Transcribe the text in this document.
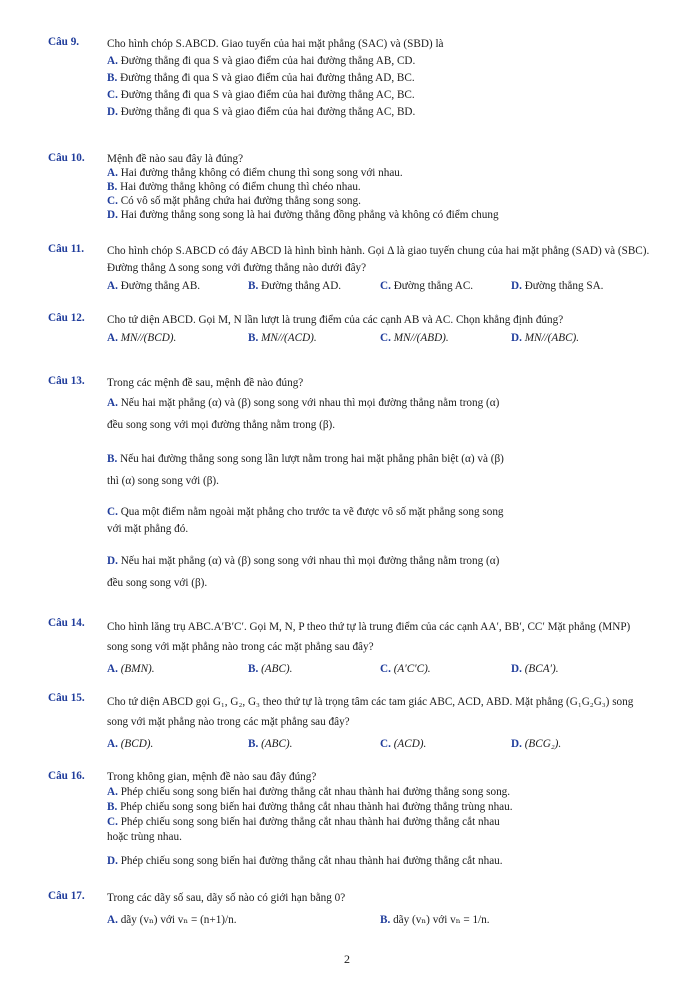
Câu 9. Cho hình chóp S.ABCD. Giao tuyến của hai mặt phẳng (SAC) và (SBD) là
A. Đường thẳng đi qua S và giao điểm của hai đường thẳng AB, CD.
B. Đường thẳng đi qua S và giao điểm của hai đường thẳng AD, BC.
C. Đường thẳng đi qua S và giao điểm của hai đường thẳng AC, BC.
D. Đường thẳng đi qua S và giao điểm của hai đường thẳng AC, BD.
Câu 10. Mệnh đề nào sau đây là đúng?
A. Hai đường thẳng không có điểm chung thì song song với nhau.
B. Hai đường thẳng không có điểm chung thì chéo nhau.
C. Có vô số mặt phẳng chứa hai đường thẳng song song.
D. Hai đường thẳng song song là hai đường thẳng đồng phẳng và không có điểm chung
Câu 11. Cho hình chóp S.ABCD có đáy ABCD là hình bình hành. Gọi Δ là giao tuyến chung của hai mặt phẳng (SAD) và (SBC). Đường thẳng Δ song song với đường thẳng nào dưới đây?
A. Đường thẳng AB.	B. Đường thẳng AD.	C. Đường thẳng AC.	D. Đường thẳng SA.
Câu 12. Cho tứ diện ABCD. Gọi M, N lần lượt là trung điểm của các cạnh AB và AC. Chọn khẳng định đúng?
A. MN//(BCD).	B. MN//(ACD).	C. MN//(ABD).	D. MN//(ABC).
Câu 13. Trong các mệnh đề sau, mệnh đề nào đúng?
A. Nếu hai mặt phẳng (α) và (β) song song với nhau thì mọi đường thẳng nằm trong (α)
đều song song với mọi đường thẳng nằm trong (β).
B. Nếu hai đường thẳng song song lần lượt nằm trong hai mặt phẳng phân biệt (α) và (β)
thì (α) song song với (β).
C. Qua một điểm nằm ngoài mặt phẳng cho trước ta vẽ được vô số mặt phẳng song song
với mặt phẳng đó.
D. Nếu hai mặt phẳng (α) và (β) song song với nhau thì mọi đường thẳng nằm trong (α)
đều song song với (β).
Câu 14. Cho hình lăng trụ ABC.A′B′C′. Gọi M, N, P theo thứ tự là trung điểm của các cạnh AA′, BB′, CC′ Mặt phẳng (MNP) song song với mặt phẳng nào trong các mặt phẳng sau đây?
A. (BMN).	B. (ABC).	C. (A′C′C).	D. (BCA′).
Câu 15. Cho tứ diện ABCD gọi G₁, G₂, G₃ theo thứ tự là trọng tâm các tam giác ABC, ACD, ABD. Mặt phẳng (G₁G₂G₃) song song với mặt phẳng nào trong các mặt phẳng sau đây?
A. (BCD).	B. (ABC).	C. (ACD).	D. (BCG₂).
Câu 16. Trong không gian, mệnh đề nào sau đây đúng?
A. Phép chiếu song song biến hai đường thẳng cắt nhau thành hai đường thẳng song song.
B. Phép chiếu song song biến hai đường thẳng cắt nhau thành hai đường thẳng trùng nhau.
C. Phép chiếu song song biến hai đường thẳng cắt nhau thành hai đường thẳng cắt nhau
hoặc trùng nhau.
D. Phép chiếu song song biến hai đường thẳng cắt nhau thành hai đường thẳng cắt nhau.
Câu 17. Trong các dãy số sau, dãy số nào có giới hạn bằng 0?
A. dãy (vₙ) với vₙ = (n+1)/n.	B. dãy (vₙ) với vₙ = 1/n.
2
